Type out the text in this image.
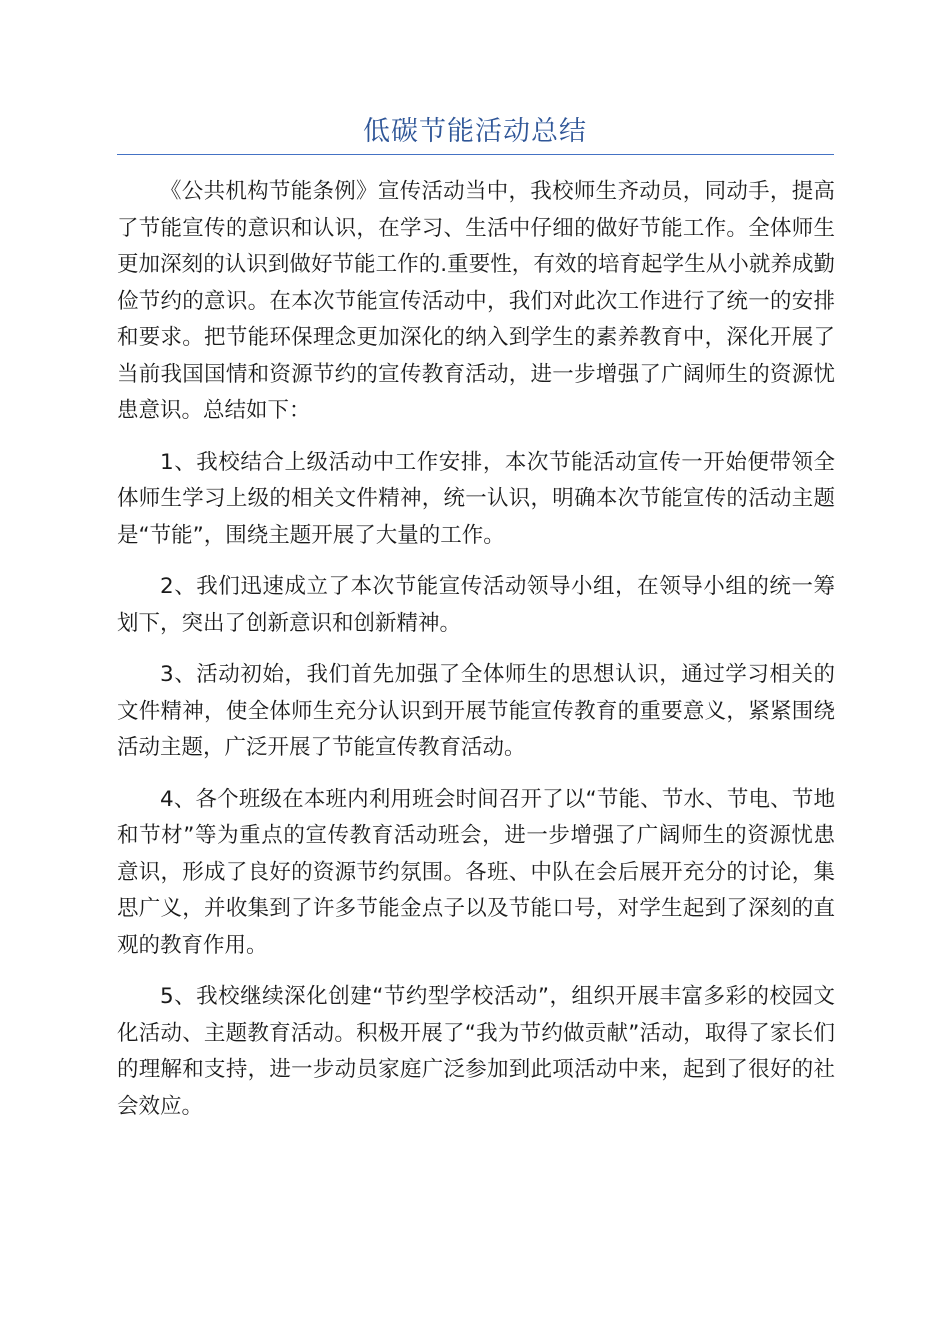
低碳节能活动总结

《公共机构节能条例》宣传活动当中，我校师生齐动员，同动手，提高了节能宣传的意识和认识，在学习、生活中仔细的做好节能工作。全体师生更加深刻的认识到做好节能工作的.重要性，有效的培育起学生从小就养成勤俭节约的意识。在本次节能宣传活动中，我们对此次工作进行了统一的安排和要求。把节能环保理念更加深化的纳入到学生的素养教育中，深化开展了当前我国国情和资源节约的宣传教育活动，进一步增强了广阔师生的资源忧患意识。总结如下：

1、我校结合上级活动中工作安排，本次节能活动宣传一开始便带领全体师生学习上级的相关文件精神，统一认识，明确本次节能宣传的活动主题是“节能”，围绕主题开展了大量的工作。

2、我们迅速成立了本次节能宣传活动领导小组，在领导小组的统一筹划下，突出了创新意识和创新精神。

3、活动初始，我们首先加强了全体师生的思想认识，通过学习相关的文件精神，使全体师生充分认识到开展节能宣传教育的重要意义，紧紧围绕活动主题，广泛开展了节能宣传教育活动。

4、各个班级在本班内利用班会时间召开了以“节能、节水、节电、节地和节材”等为重点的宣传教育活动班会，进一步增强了广阔师生的资源忧患意识，形成了良好的资源节约氛围。各班、中队在会后展开充分的讨论，集思广义，并收集到了许多节能金点子以及节能口号，对学生起到了深刻的直观的教育作用。

5、我校继续深化创建“节约型学校活动”，组织开展丰富多彩的校园文化活动、主题教育活动。积极开展了“我为节约做贡献”活动，取得了家长们的理解和支持，进一步动员家庭广泛参加到此项活动中来，起到了很好的社会效应。
